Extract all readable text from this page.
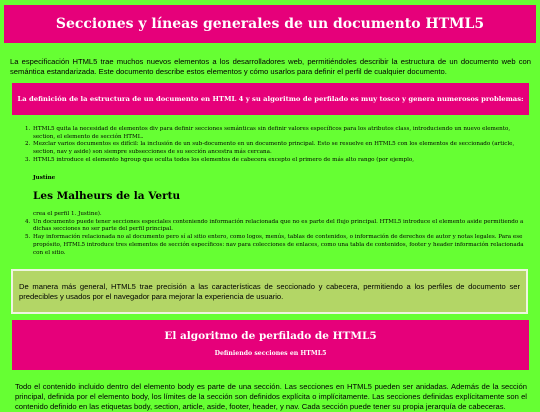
Secciones y líneas generales de un documento HTML5
La especificación HTML5 trae muchos nuevos elementos a los desarrolladores web, permitiéndoles describir la estructura de un documento web con semántica estandarizada. Este documento describe estos elementos y cómo usarlos para definir el perfil de cualquier documento.
La definición de la estructura de un documento en HTML 4 y su algoritmo de perfilado es muy tosco y genera numerosos problemas:
1. HTML5 quita la necesidad de elementos div para definir secciones semánticas sin definir valores específicos para los atributos class, introduciendo un nuevo elemento, section, el elemento de sección HTML.
2. Mezclar varios documentos es difícil: la inclusión de un sub-documento en un documento principal. Esto se resuelve en HTML5 con los elementos de seccionado (article, section, nav y aside) son siempre subsecciones de su sección ancestra más cercana.
3. HTML5 introduce el elemento hgroup que oculta todos los elementos de cabecera excepto el primero de más alto rango (por ejemplo,
Justine
Les Malheurs de la Vertu
crea el perfil 1. Justine).
4. Un documento puede tener secciones especiales conteniendo información relacionada que no es parte del flujo principal. HTML5 introduce el elemento aside permitiendo a dichas secciones no ser parte del perfil principal.
5. Hay información relacionada no al documento pero sí al sitio entero, como logos, menús, tablas de contenidos, o información de derechos de autor y notas legales. Para ese propósito, HTML5 introduce tres elementos de sección específicos: nav para colecciones de enlaces, como una tabla de contenidos, footer y header información relacionada con el sitio.
De manera más general, HTML5 trae precisión a las características de seccionado y cabecera, permitiendo a los perfiles de documento ser predecibles y usados por el navegador para mejorar la experiencia de usuario.
El algoritmo de perfilado de HTML5
Definiendo secciones en HTML5
Todo el contenido incluido dentro del elemento body es parte de una sección. Las secciones en HTML5 pueden ser anidadas. Además de la sección principal, definida por el elemento body, los límites de la sección son definidos explícita o implícitamente. Las secciones definidas explícitamente son el contenido definido en las etiquetas body, section, article, aside, footer, header, y nav. Cada sección puede tener su propia jerarquía de cabeceras.
